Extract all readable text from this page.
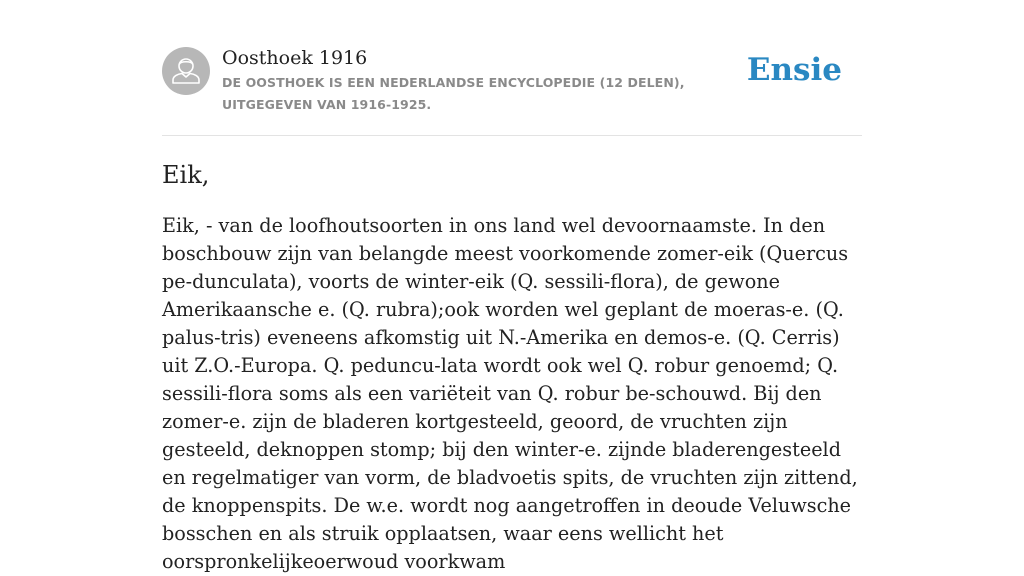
Oosthoek 1916
DE OOSTHOEK IS EEN NEDERLANDSE ENCYCLOPEDIE (12 DELEN), UITGEGEVEN VAN 1916-1925.
Ensie
Eik,

Eik, - van de loofhoutsoorten in ons land wel devoornaamste. In den boschbouw zijn van belangde meest voorkomende zomer-eik (Quercus pe-dunculata), voorts de winter-eik (Q. sessili-flora), de gewone Amerikaansche e. (Q. rubra);ook worden wel geplant de moeras-e. (Q. palus-tris) eveneens afkomstig uit N.-Amerika en demos-e. (Q. Cerris) uit Z.O.-Europa. Q. peduncu-lata wordt ook wel Q. robur genoemd; Q. sessili-flora soms als een variëteit van Q. robur be-schouwd. Bij den zomer-e. zijn de bladeren kortgesteeld, geoord, de vruchten zijn gesteeld, deknoppen stomp; bij den winter-e. zijnde bladerengesteeld en regelmatiger van vorm, de bladvoetis spits, de vruchten zijn zittend, de knoppenspits. De w.e. wordt nog aangetroffen in deoude Veluwsche bosschen en als struik opplaatsen, waar eens wellicht het oorspronkelijkeoerwoud voorkwam
